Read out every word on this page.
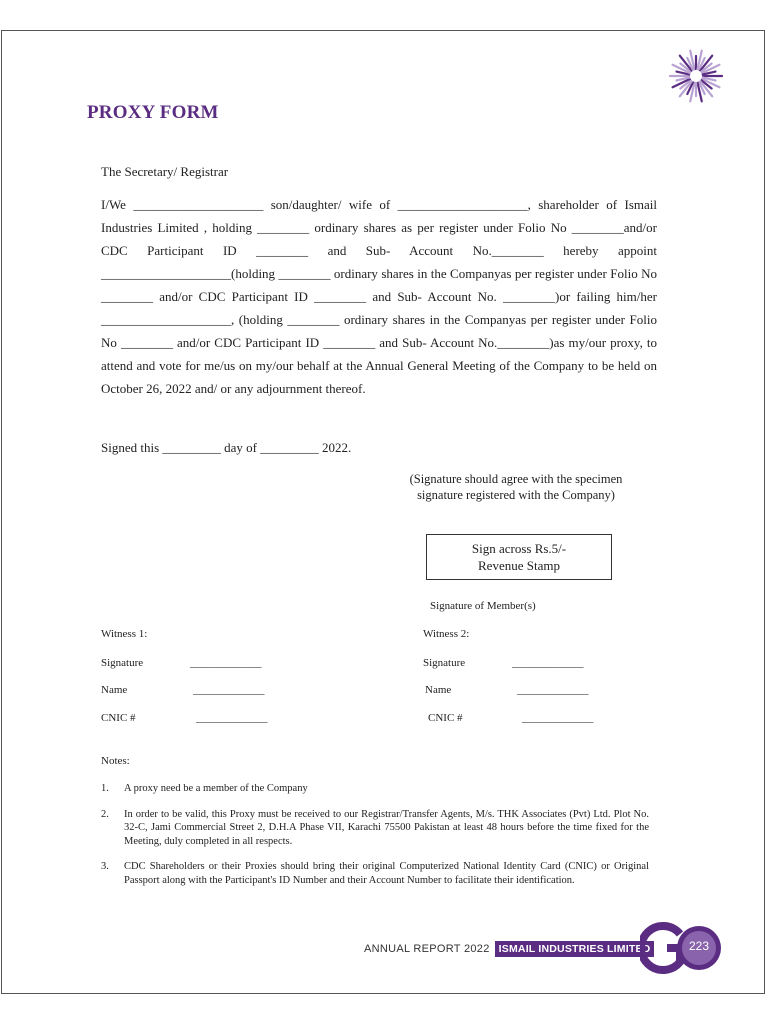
PROXY FORM
The Secretary/ Registrar

I/We ____________________ son/daughter/ wife of ____________________, shareholder of Ismail Industries Limited , holding ________ ordinary shares as per register under Folio No ________and/or CDC Participant ID ________ and Sub- Account No.________ hereby appoint ____________________(holding ________ ordinary shares in the Companyas per register under Folio No ________ and/or CDC Participant ID ________ and Sub- Account No. ________)or failing him/her ____________________, (holding ________ ordinary shares in the Companyas per register under Folio No ________ and/or CDC Participant ID ________ and Sub- Account No.________)as my/our proxy, to attend and vote for me/us on my/our behalf at the Annual General Meeting of the Company to be held on October 26, 2022 and/ or any adjournment thereof.

Signed this _________ day of _________ 2022.
(Signature should agree with the specimen
signature registered with the Company)
Sign across Rs.5/-
Revenue Stamp
Signature of Member(s)
Witness 1:
Signature	_____________
Name	_____________
CNIC #	_____________
Witness 2:
Signature	_____________
Name	_____________
CNIC #	_____________
Notes:
1. A proxy need be a member of the Company
2. In order to be valid, this Proxy must be received to our Registrar/Transfer Agents, M/s. THK Associates (Pvt) Ltd. Plot No. 32-C, Jami Commercial Street 2, D.H.A Phase VII, Karachi 75500 Pakistan at least 48 hours before the time fixed for the Meeting, duly completed in all respects.
3. CDC Shareholders or their Proxies should bring their original Computerized National Identity Card (CNIC) or Original Passport along with the Participant's ID Number and their Account Number to facilitate their identification.
ANNUAL REPORT 2022 ISMAIL INDUSTRIES LIMITED	223
